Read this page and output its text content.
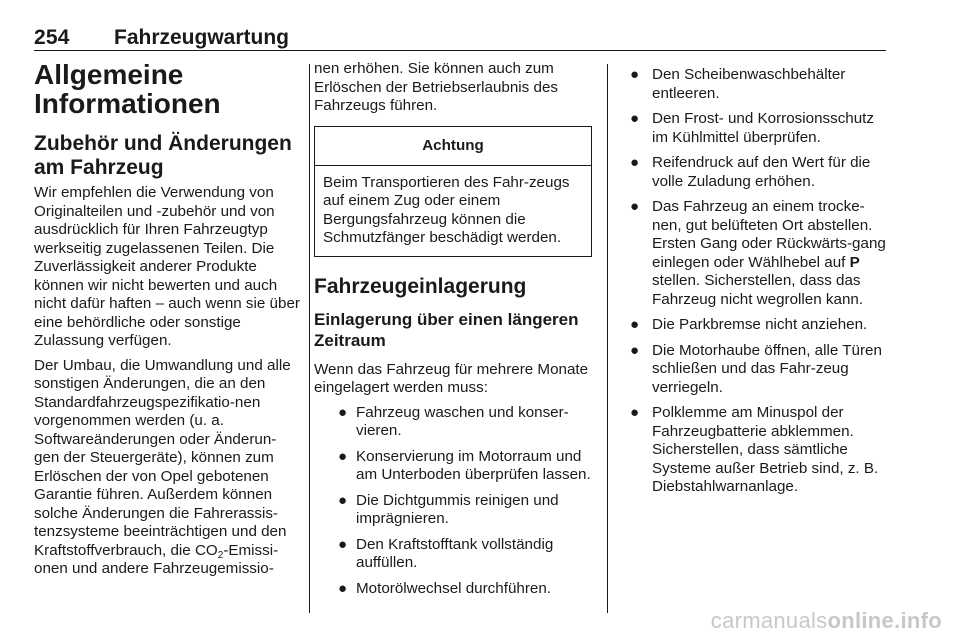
254 Fahrzeugwartung
Allgemeine
Informationen
Zubehör und Änderungen
am Fahrzeug

Wir empfehlen die Verwendung von Originalteilen und -zubehör und von ausdrücklich für Ihren Fahrzeugtyp werkseitig zugelassenen Teilen. Die Zuverlässigkeit anderer Produkte können wir nicht bewerten und auch nicht dafür haften – auch wenn sie über eine behördliche oder sonstige Zulassung verfügen.

Der Umbau, die Umwandlung und alle sonstigen Änderungen, die an den Standardfahrzeugspezifikatio-nen vorgenommen werden (u. a. Softwareänderungen oder Änderun-gen der Steuergeräte), können zum Erlöschen der von Opel gebotenen Garantie führen. Außerdem können solche Änderungen die Fahrerassis-tenzsysteme beeinträchtigen und den Kraftstoffverbrauch, die $CO_2-Emissi$-onen und andere Fahrzeugemissio-

nen erhöhen. Sie können auch zum Erlöschen der Betriebserlaubnis des Fahrzeugs führen.

Achtung

Beim Transportieren des Fahr-zeugs auf einem Zug oder einem Bergungsfahrzeug können die Schmutzfänger beschädigt werden.

Fahrzeugeinlagerung
Einlagerung über einen längeren
Zeitraum

Wenn das Fahrzeug für mehrere Monate eingelagert werden muss:

● Fahrzeug waschen und konser-vieren.
● Konservierung im Motorraum und am Unterboden überprüfen lassen.
● Die Dichtgummis reinigen und imprägnieren.
● Den Kraftstofftank vollständig auffüllen.
● Motorölwechsel durchführen.
● Den Scheibenwaschbehälter entleeren.
● Den Frost- und Korrosionsschutz im Kühlmittel überprüfen.
● Reifendruck auf den Wert für die volle Zuladung erhöhen.
● Das Fahrzeug an einem trocke-nen, gut belüfteten Ort abstellen. Ersten Gang oder Rückwärts-gang einlegen oder Wählhebel auf P stellen. Sicherstellen, dass das Fahrzeug nicht wegrollen kann.
● Die Parkbremse nicht anziehen.
● Die Motorhaube öffnen, alle Türen schließen und das Fahr-zeug verriegeln.
● Polklemme am Minuspol der Fahrzeugbatterie abklemmen. Sicherstellen, dass sämtliche Systeme außer Betrieb sind, z. B. Diebstahlwarnanlage.
carmanualsonline.info
